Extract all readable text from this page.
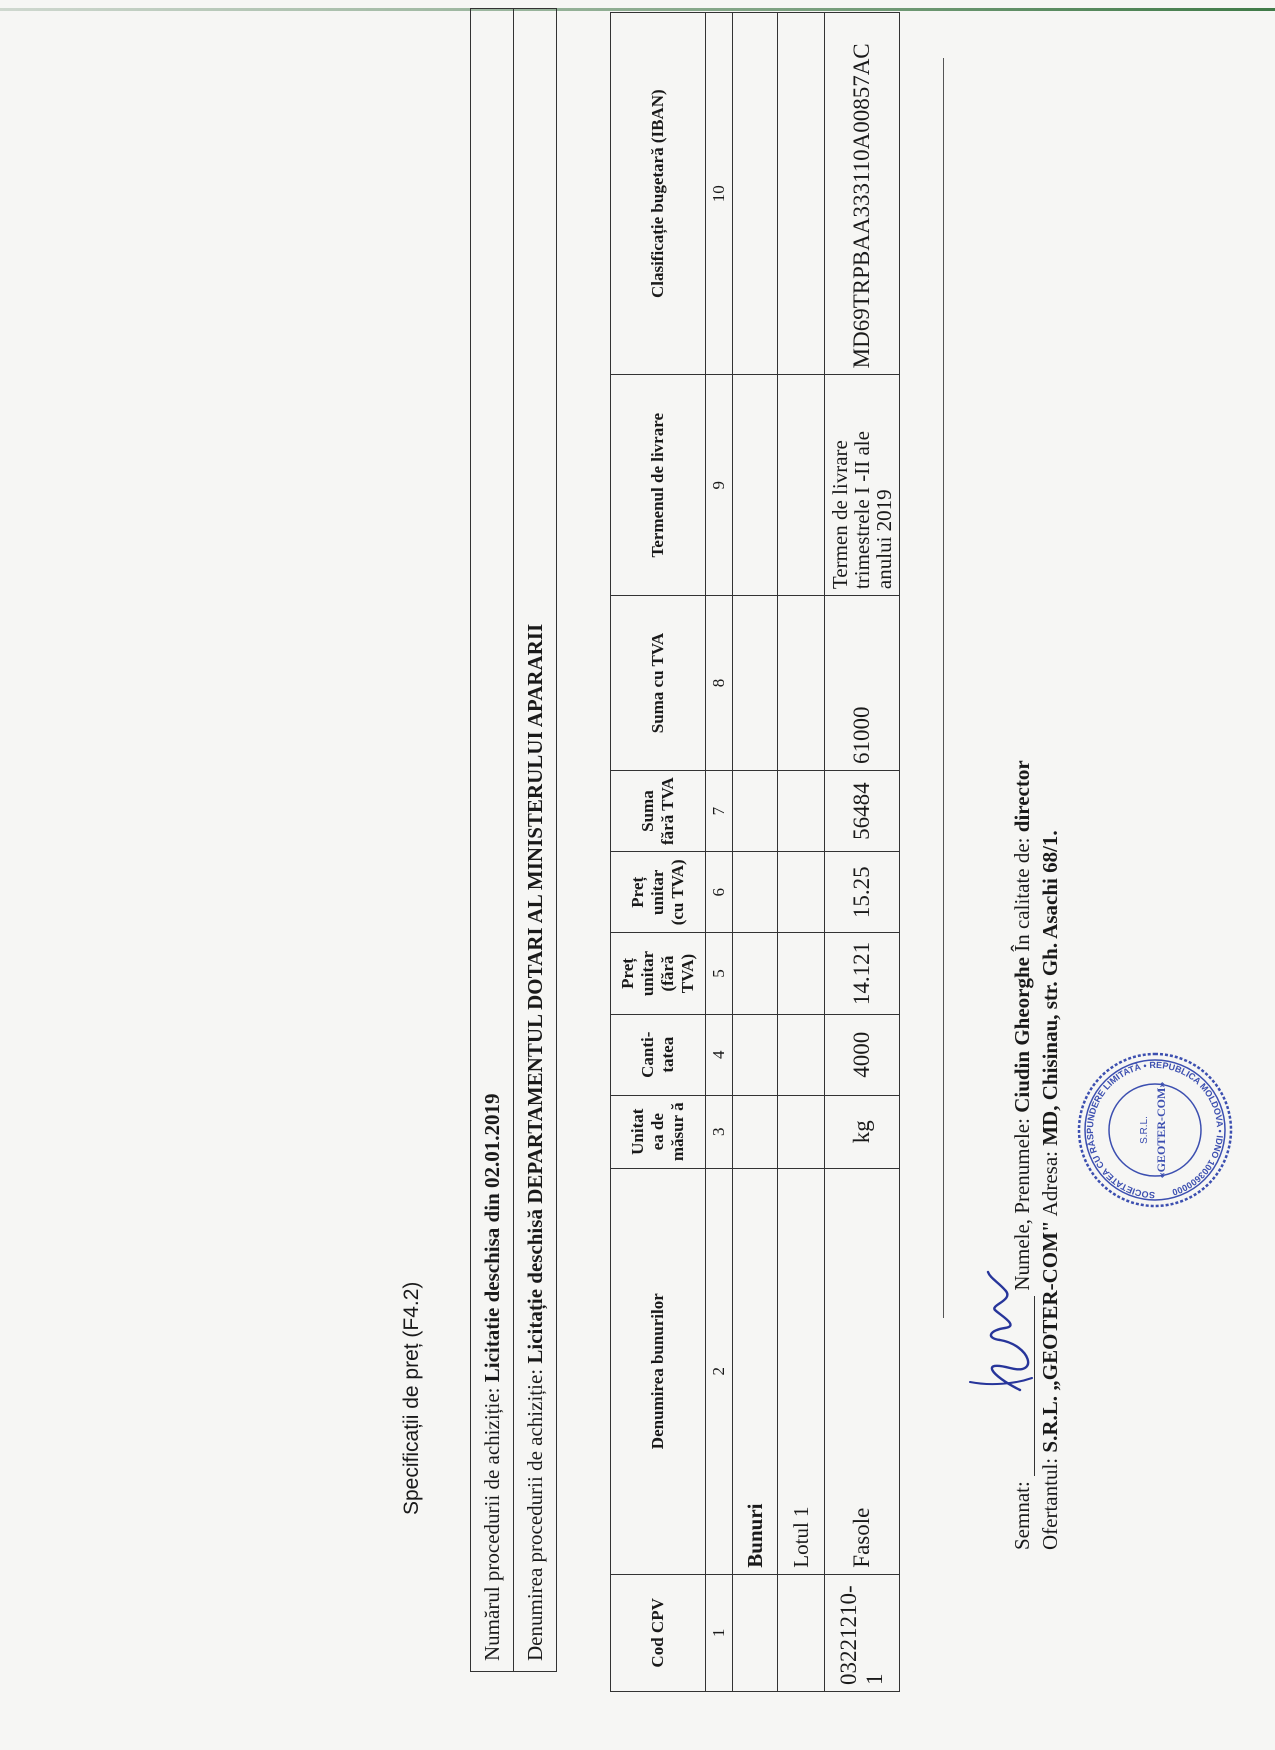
Specificații de preț (F4.2)	Numărul procedurii de achiziție: Licitatie deschisa din 02.01.2019
Denumirea procedurii de achiziție: Licitație deschisă DEPARTAMENTUL DOTARI AL MINISTERULUI APARARII
Cod CPV	Denumirea bunurilor	Unitat ea de măsur ă	Canti- tatea	Preț unitar (fără TVA)	Preț unitar (cu TVA)	Suma fără TVA	Suma cu TVA	Termenul de livrare	Clasificație bugetară (IBAN)
1	2	3	4	5	6	7	8	9	10
	Bunuri								
	Lotul 1								
03221210-1	Fasole	kg	4000	14.121	15.25	56484	61000	Termen de livrare trimestrele I -II ale anului 2019	MD69TRPBAA333110A00857AC
Semnat:  Numele, Prenumele: Ciudin Gheorghe În calitate de: director
Ofertantul: S.R.L. „GEOTER-COM" Adresa: MD, Chisinau, str. Gh. Asachi 68/1.
SOCIETATEA CU RĂSPUNDERE LIMITATĂ • REPUBLICA MOLDOVA • IDNO 1003600000
S.R.L. «GEOTER-COM»
